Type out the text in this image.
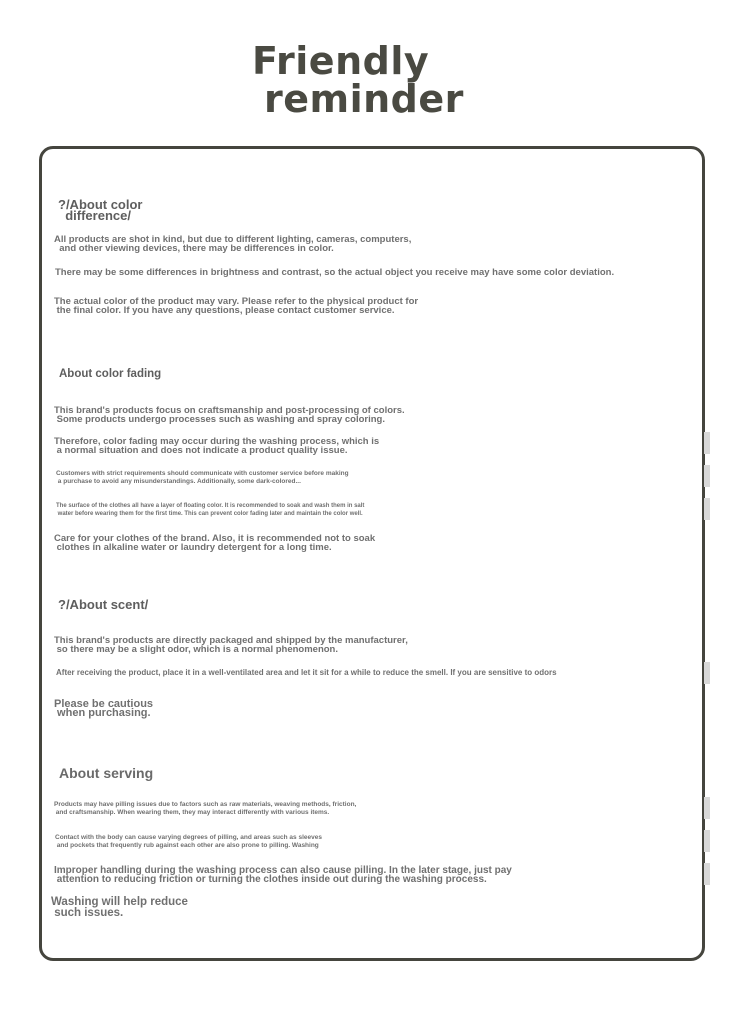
Friendly
reminder
?/About color
difference/
All products are shot in kind, but due to different lighting, cameras, computers,
and other viewing devices, there may be differences in color.
There may be some differences in brightness and contrast, so the actual object you receive may have some color deviation.
The actual color of the product may vary. Please refer to the physical product for
the final color. If you have any questions, please contact customer service.
About color fading
This brand's products focus on craftsmanship and post-processing of colors.
Some products undergo processes such as washing and spray coloring.
Therefore, color fading may occur during the washing process, which is
a normal situation and does not indicate a product quality issue.
Customers with strict requirements should communicate with customer service before making
a purchase to avoid any misunderstandings. Additionally, some dark-colored...
The surface of the clothes all have a layer of floating color. It is recommended to soak and wash them in salt
water before wearing them for the first time. This can prevent color fading later and maintain the color well.
Care for your clothes of the brand. Also, it is recommended not to soak
clothes in alkaline water or laundry detergent for a long time.
?/About scent/
This brand's products are directly packaged and shipped by the manufacturer,
so there may be a slight odor, which is a normal phenomenon.
After receiving the product, place it in a well-ventilated area and let it sit for a while to reduce the smell. If you are sensitive to odors
Please be cautious
when purchasing.
About serving
Products may have pilling issues due to factors such as raw materials, weaving methods, friction,
and craftsmanship. When wearing them, they may interact differently with various items.
Contact with the body can cause varying degrees of pilling, and areas such as sleeves
and pockets that frequently rub against each other are also prone to pilling. Washing
Improper handling during the washing process can also cause pilling. In the later stage, just pay
attention to reducing friction or turning the clothes inside out during the washing process.
Washing will help reduce
such issues.
